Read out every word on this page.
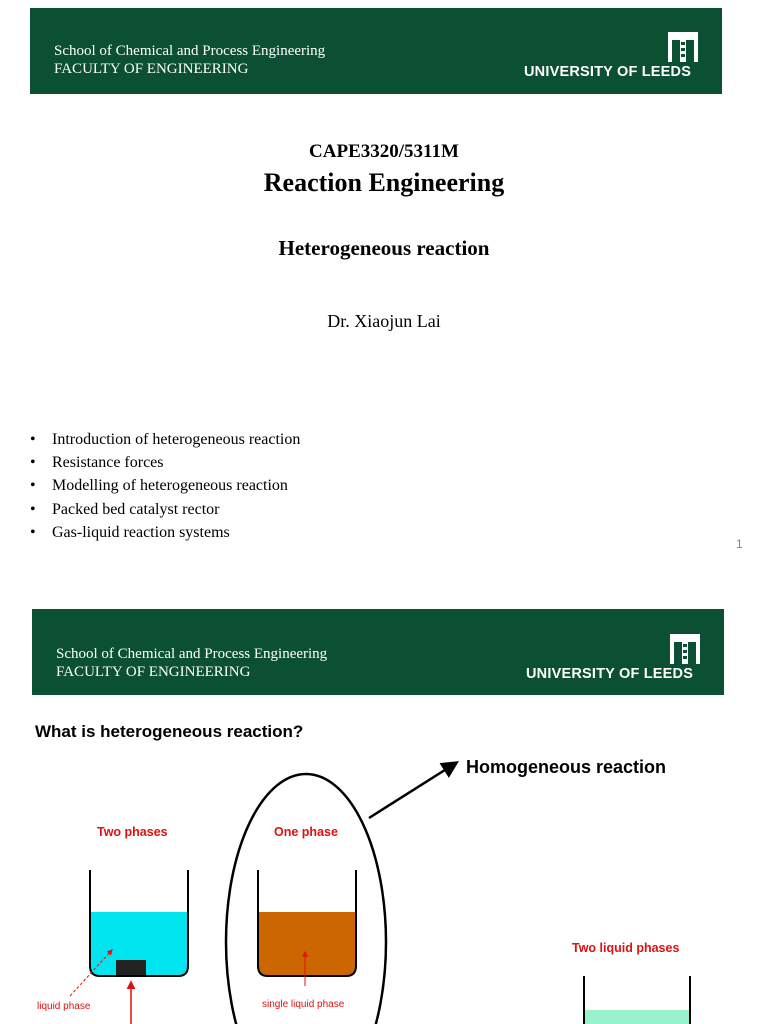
School of Chemical and Process Engineering
FACULTY OF ENGINEERING	UNIVERSITY OF LEEDS
CAPE3320/5311M
Reaction Engineering
Heterogeneous reaction
Dr. Xiaojun Lai
• Introduction of heterogeneous reaction
• Resistance forces
• Modelling of heterogeneous reaction
• Packed bed catalyst rector
• Gas-liquid reaction systems
1
School of Chemical and Process Engineering
FACULTY OF ENGINEERING	UNIVERSITY OF LEEDS
What is heterogeneous reaction?
Homogeneous reaction
Two phases	One phase
Two liquid phases
liquid phase	single liquid phase
